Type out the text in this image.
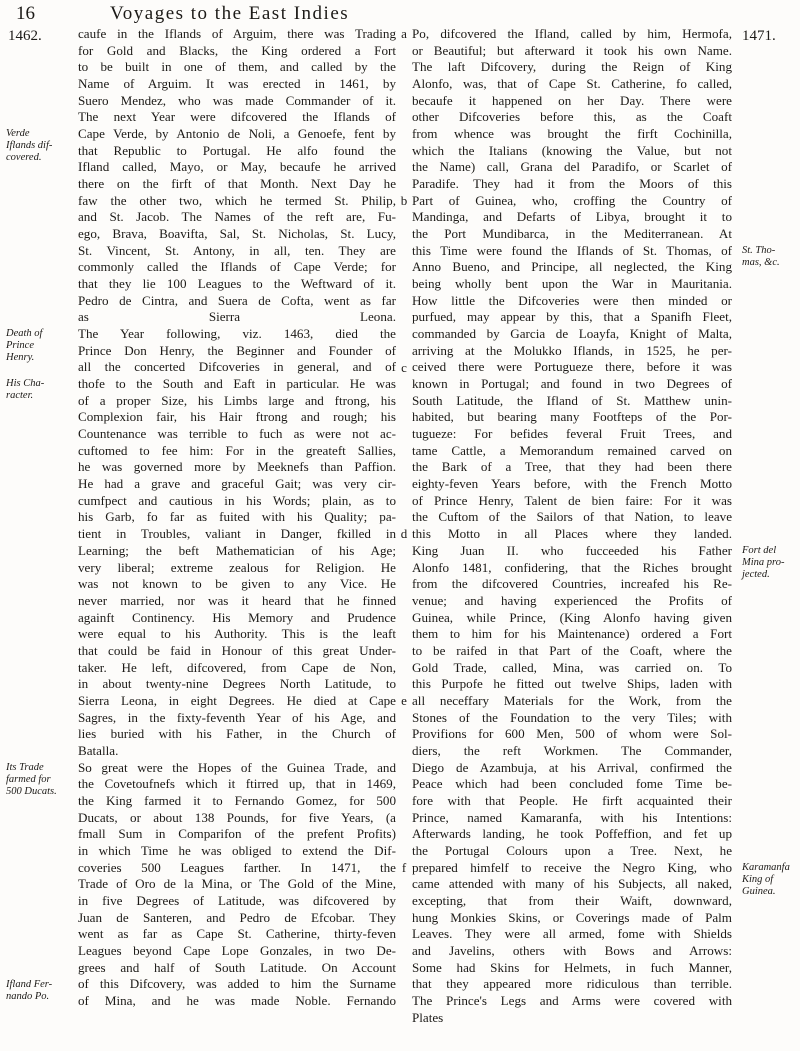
16	Voyages to the East Indies
1462.	1471.
caufe in the Iflands of Arguim, there was Trading
for Gold and Blacks, the King ordered a Fort
to be built in one of them, and called by the
Name of Arguim. It was erected in 1461, by
Suero Mendez, who was made Commander of it.
The next Year were difcovered the Iflands of
Cape Verde, by Antonio de Noli, a Genoefe, fent by
that Republic to Portugal. He alfo found the
Ifland called, Mayo, or May, becaufe he arrived
there on the firft of that Month. Next Day he
faw the other two, which he termed St. Philip,
and St. Jacob. The Names of the reft are, Fu-
ego, Brava, Boavifta, Sal, St. Nicholas, St. Lucy,
St. Vincent, St. Antony, in all, ten. They are
commonly called the Iflands of Cape Verde; for
that they lie 100 Leagues to the Weftward of it.
Pedro de Cintra, and Suera de Cofta, went as far
as Sierra Leona.
The Year following, viz. 1463, died the
Prince Don Henry, the Beginner and Founder of
all the concerted Difcoveries in general, and of
thofe to the South and Eaft in particular. He was
of a proper Size, his Limbs large and ftrong, his
Complexion fair, his Hair ftrong and rough; his
Countenance was terrible to fuch as were not ac-
cuftomed to fee him: For in the greateft Sallies,
he was governed more by Meeknefs than Paffion.
He had a grave and graceful Gait; was very cir-
cumfpect and cautious in his Words; plain, as to
his Garb, fo far as fuited with his Quality; pa-
tient in Troubles, valiant in Danger, fkilled in
Learning; the beft Mathematician of his Age;
very liberal; extreme zealous for Religion. He
was not known to be given to any Vice. He
never married, nor was it heard that he finned
againft Continency. His Memory and Prudence
were equal to his Authority. This is the leaft
that could be faid in Honour of this great Under-
taker. He left, difcovered, from Cape de Non,
in about twenty-nine Degrees North Latitude, to
Sierra Leona, in eight Degrees. He died at Cape
Sagres, in the fixty-feventh Year of his Age, and
lies buried with his Father, in the Church of
Batalla.
So great were the Hopes of the Guinea Trade, and
the Covetoufnefs which it ftirred up, that in 1469,
the King farmed it to Fernando Gomez, for 500
Ducats, or about 138 Pounds, for five Years, (a
fmall Sum in Comparifon of the prefent Profits)
in which Time he was obliged to extend the Dif-
coveries 500 Leagues farther. In 1471, the
Trade of Oro de la Mina, or The Gold of the Mine,
in five Degrees of Latitude, was difcovered by
Juan de Santeren, and Pedro de Efcobar. They
went as far as Cape St. Catherine, thirty-feven
Leagues beyond Cape Lope Gonzales, in two De-
grees and half of South Latitude. On Account
of this Difcovery, was added to him the Surname
of Mina, and he was made Noble. Fernando
Po, difcovered the Ifland, called by him, Hermofa,
or Beautiful; but afterward it took his own Name.
The laft Difcovery, during the Reign of King
Alonfo, was, that of Cape St. Catherine, fo called,
becaufe it happened on her Day. There were
other Difcoveries before this, as the Coaft
from whence was brought the firft Cochinilla,
which the Italians (knowing the Value, but not
the Name) call, Grana del Paradifo, or Scarlet of
Paradife. They had it from the Moors of this
Part of Guinea, who, croffing the Country of
Mandinga, and Defarts of Libya, brought it to
the Port Mundibarca, in the Mediterranean. At
this Time were found the Iflands of St. Thomas, of
Anno Bueno, and Principe, all neglected, the King
being wholly bent upon the War in Mauritania.
How little the Difcoveries were then minded or
purfued, may appear by this, that a Spanifh Fleet,
commanded by Garcia de Loayfa, Knight of Malta,
arriving at the Molukko Iflands, in 1525, he per-
ceived there were Portugueze there, before it was
known in Portugal; and found in two Degrees of
South Latitude, the Ifland of St. Matthew unin-
habited, but bearing many Footfteps of the Por-
tugueze: For befides feveral Fruit Trees, and
tame Cattle, a Memorandum remained carved on
the Bark of a Tree, that they had been there
eighty-feven Years before, with the French Motto
of Prince Henry, Talent de bien faire: For it was
the Cuftom of the Sailors of that Nation, to leave
this Motto in all Places where they landed.
King Juan II. who fucceeded his Father
Alonfo 1481, confidering, that the Riches brought
from the difcovered Countries, increafed his Re-
venue; and having experienced the Profits of
Guinea, while Prince, (King Alonfo having given
them to him for his Maintenance) ordered a Fort
to be raifed in that Part of the Coaft, where the
Gold Trade, called, Mina, was carried on. To
this Purpofe he fitted out twelve Ships, laden with
all neceffary Materials for the Work, from the
Stones of the Foundation to the very Tiles; with
Provifions for 600 Men, 500 of whom were Sol-
diers, the reft Workmen. The Commander,
Diego de Azambuja, at his Arrival, confirmed the
Peace which had been concluded fome Time be-
fore with that People. He firft acquainted their
Prince, named Kamaranfa, with his Intentions:
Afterwards landing, he took Poffeffion, and fet up
the Portugal Colours upon a Tree. Next, he
prepared himfelf to receive the Negro King, who
came attended with many of his Subjects, all naked,
excepting, that from their Waift, downward,
hung Monkies Skins, or Coverings made of Palm
Leaves. They were all armed, fome with Shields
and Javelins, others with Bows and Arrows:
Some had Skins for Helmets, in fuch Manner,
that they appeared more ridiculous than terrible.
The Prince's Legs and Arms were covered with
Plates
Verde
Iflands dif-
covered.
Death of
Prince
Henry.
His Cha-
racter.
Its Trade
farmed for
500 Ducats.
Ifland Fer-
nando Po.
St. Tho-
mas, &c.
Fort del
Mina pro-
jected.
Karamanfa
King of
Guinea.
a
b
c
d
e
f
